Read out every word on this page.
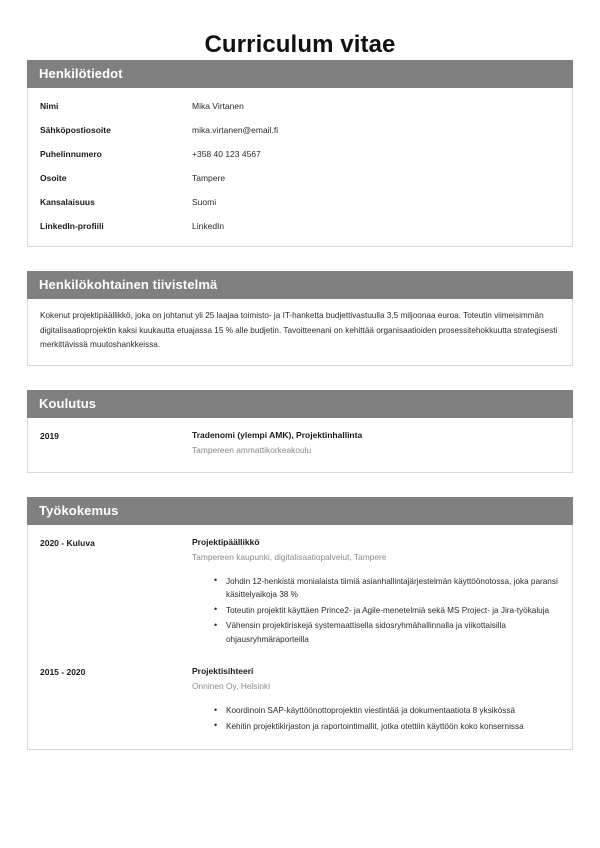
Curriculum vitae
Henkilötiedot
Nimi	Mika Virtanen
Sähköpostiosoite	mika.virtanen@email.fi
Puhelinnumero	+358 40 123 4567
Osoite	Tampere
Kansalaisuus	Suomi
LinkedIn-profiili	LinkedIn
Henkilökohtainen tiivistelmä

Kokenut projektipäällikkö, joka on johtanut yli 25 laajaa toimisto- ja IT-hanketta budjettivastuulla 3,5 miljoonaa euroa. Toteutin viimeisimmän digitalisaatioprojektin kaksi kuukautta etuajassa 15 % alle budjetin. Tavoitteenani on kehittää organisaatioiden prosessitehokkuutta strategisesti merkittävissä muutoshankkeissa.

Koulutus
2019	Tradenomi (ylempi AMK), Projektinhallinta
Tampereen ammattikorkeakoulu
Työkokemus
2020 - Kuluva	Projektipäällikkö
Tampereen kaupunki, digitalisaatiopalvelut, Tampere
• Johdin 12-henkistä monialaista tiimiä asianhallintajärjestelmän käyttöönotossa, joka paransi käsittelyaikoja 38 %
• Toteutin projektit käyttäen Prince2- ja Agile-menetelmiä sekä MS Project- ja Jira-työkaluja
• Vähensin projektiriskejä systemaattisella sidosryhmähallinnalla ja viikottaisilla ohjausryhmäraporteilla
2015 - 2020	Projektisihteeri
Onninen Oy, Helsinki
• Koordinoin SAP-käyttöönottoprojektin viestintää ja dokumentaatiota 8 yksikössä
• Kehitin projektikirjaston ja raportointimallit, jotka otettiin käyttöön koko konsernissa
